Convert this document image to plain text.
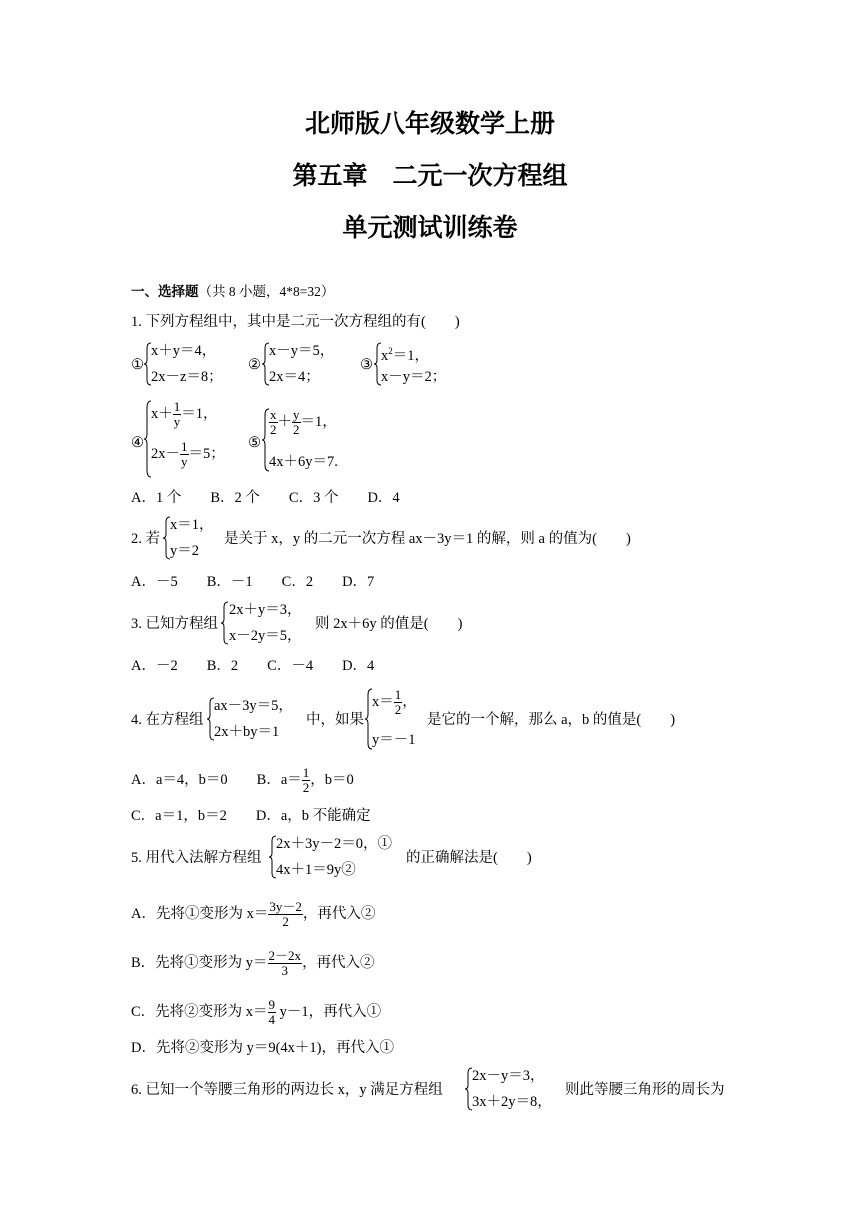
北师版八年级数学上册
第五章　二元一次方程组
单元测试训练卷
一、选择题（共 8 小题，4*8=32）
1. 下列方程组中，其中是二元一次方程组的有(　　)
①
x＋y＝4，
2x－z＝8；
②
x－y＝5，
2x＝4；
③
$x^2=1$，
x－y＝2；
④
$x+ \frac{1}{y} =1$，
$2x- \frac{1}{y} =5$；
⑤
$\frac{x}{2} + \frac{y}{2} =1$，
4x＋6y＝7.
A．1 个　　B．2 个　　C．3 个　　D．4
2. 若
x＝1，
y＝2
是关于 x，y 的二元一次方程 ax－3y＝1 的解，则 a 的值为(　　)
A．－5　　B．－1　　C．2　　D．7
3. 已知方程组
2x＋y＝3，
x－2y＝5，
则 2x＋6y 的值是(　　)
A．－2　　B．2　　C．－4　　D．4
4. 在方程组
ax－3y＝5，
2x＋by＝1
中，如果
$x= \frac{1}{2}$ ，
y＝－1
是它的一个解，那么 a，b 的值是(　　)
A．a＝4，b＝0　　B．$a= \frac{1}{2}$ ，b＝0
C．a＝1，b＝2　　D．a，b 不能确定
5. 用代入法解方程组
2x＋3y－2＝0，①
4x＋1＝9y②
的正确解法是(　　)
A．先将①变形为 $x= \frac{3y-2}{2}$ ，再代入②
B．先将①变形为 $y= \frac{2-2x}{3}$ ，再代入②
C．先将②变形为 $x= \frac{9}{4} y-1$，再代入①
D．先将②变形为 y＝9(4x＋1)，再代入①
6. 已知一个等腰三角形的两边长 x，y 满足方程组
2x－y＝3，
3x＋2y＝8，
则此等腰三角形的周长为
